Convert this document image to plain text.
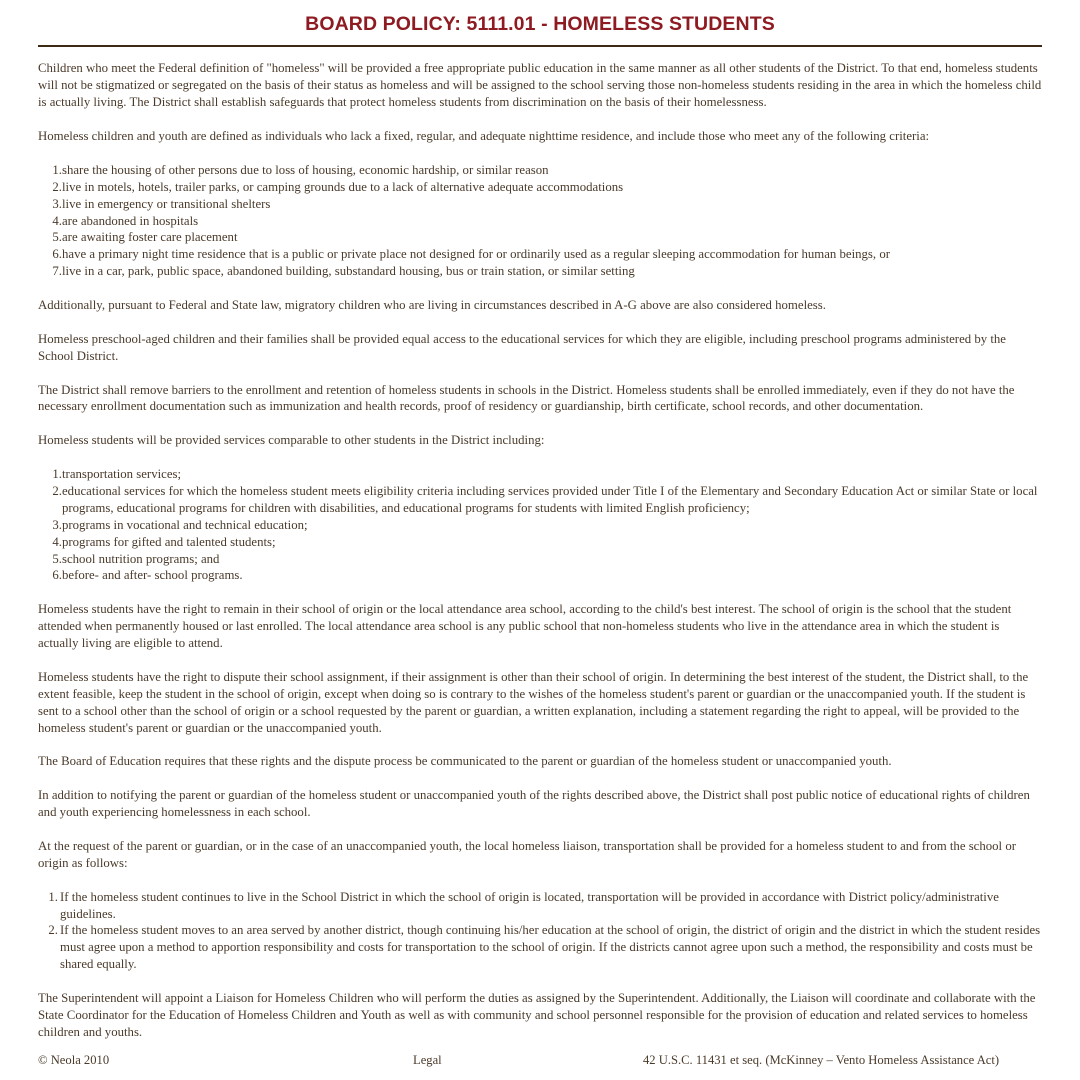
BOARD POLICY: 5111.01 - HOMELESS STUDENTS

Children who meet the Federal definition of "homeless" will be provided a free appropriate public education in the same manner as all other students of the District. To that end, homeless students will not be stigmatized or segregated on the basis of their status as homeless and will be assigned to the school serving those non-homeless students residing in the area in which the homeless child is actually living. The District shall establish safeguards that protect homeless students from discrimination on the basis of their homelessness.

Homeless children and youth are defined as individuals who lack a fixed, regular, and adequate nighttime residence, and include those who meet any of the following criteria:

share the housing of other persons due to loss of housing, economic hardship, or similar reason
live in motels, hotels, trailer parks, or camping grounds due to a lack of alternative adequate accommodations
live in emergency or transitional shelters
are abandoned in hospitals
are awaiting foster care placement
have a primary night time residence that is a public or private place not designed for or ordinarily used as a regular sleeping accommodation for human beings, or
live in a car, park, public space, abandoned building, substandard housing, bus or train station, or similar setting

Additionally, pursuant to Federal and State law, migratory children who are living in circumstances described in A-G above are also considered homeless.

Homeless preschool-aged children and their families shall be provided equal access to the educational services for which they are eligible, including preschool programs administered by the School District.

The District shall remove barriers to the enrollment and retention of homeless students in schools in the District. Homeless students shall be enrolled immediately, even if they do not have the necessary enrollment documentation such as immunization and health records, proof of residency or guardianship, birth certificate, school records, and other documentation.

Homeless students will be provided services comparable to other students in the District including:

transportation services;
educational services for which the homeless student meets eligibility criteria including services provided under Title I of the Elementary and Secondary Education Act or similar State or local programs, educational programs for children with disabilities, and educational programs for students with limited English proficiency;
programs in vocational and technical education;
programs for gifted and talented students;
school nutrition programs; and
before- and after- school programs.

Homeless students have the right to remain in their school of origin or the local attendance area school, according to the child's best interest. The school of origin is the school that the student attended when permanently housed or last enrolled. The local attendance area school is any public school that non-homeless students who live in the attendance area in which the student is actually living are eligible to attend.

Homeless students have the right to dispute their school assignment, if their assignment is other than their school of origin. In determining the best interest of the student, the District shall, to the extent feasible, keep the student in the school of origin, except when doing so is contrary to the wishes of the homeless student's parent or guardian or the unaccompanied youth. If the student is sent to a school other than the school of origin or a school requested by the parent or guardian, a written explanation, including a statement regarding the right to appeal, will be provided to the homeless student's parent or guardian or the unaccompanied youth.

The Board of Education requires that these rights and the dispute process be communicated to the parent or guardian of the homeless student or unaccompanied youth.

In addition to notifying the parent or guardian of the homeless student or unaccompanied youth of the rights described above, the District shall post public notice of educational rights of children and youth experiencing homelessness in each school.

At the request of the parent or guardian, or in the case of an unaccompanied youth, the local homeless liaison, transportation shall be provided for a homeless student to and from the school or origin as follows:

If the homeless student continues to live in the School District in which the school of origin is located, transportation will be provided in accordance with District policy/administrative guidelines.
If the homeless student moves to an area served by another district, though continuing his/her education at the school of origin, the district of origin and the district in which the student resides must agree upon a method to apportion responsibility and costs for transportation to the school of origin. If the districts cannot agree upon such a method, the responsibility and costs must be shared equally.

The Superintendent will appoint a Liaison for Homeless Children who will perform the duties as assigned by the Superintendent. Additionally, the Liaison will coordinate and collaborate with the State Coordinator for the Education of Homeless Children and Youth as well as with community and school personnel responsible for the provision of education and related services to homeless children and youths.

© Neola 2010	Legal	42 U.S.C. 11431 et seq. (McKinney – Vento Homeless Assistance Act)
